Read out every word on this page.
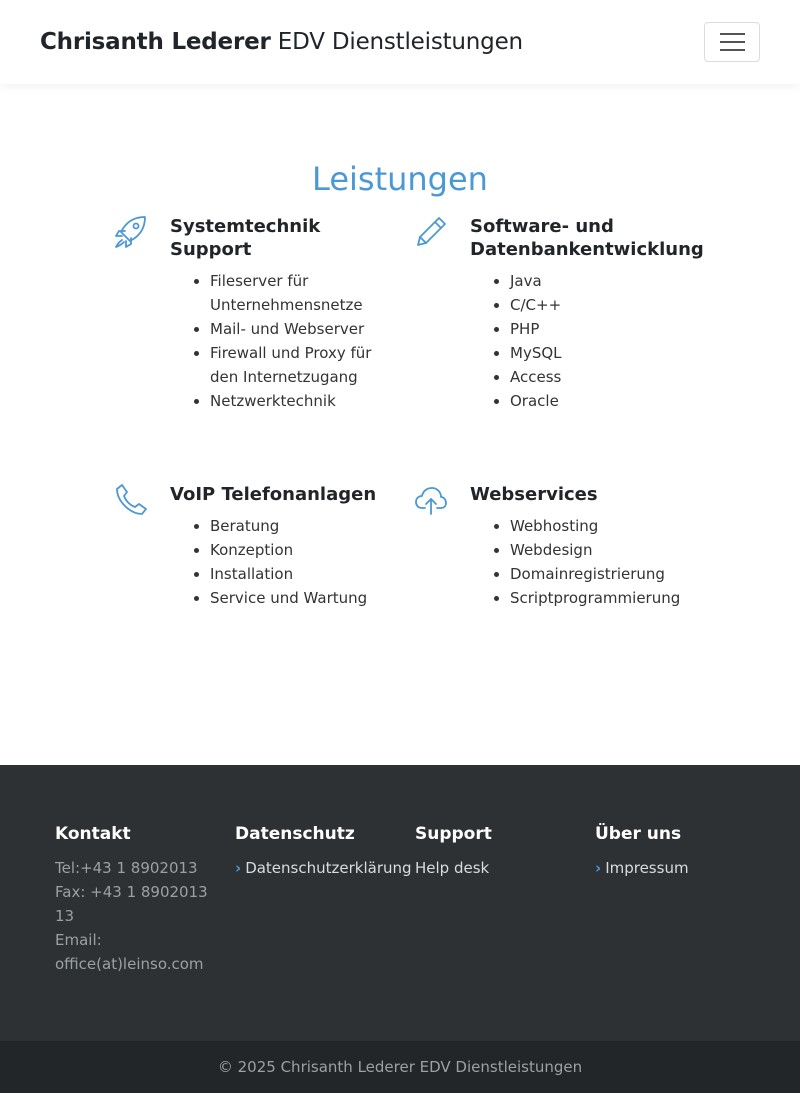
Chrisanth Lederer EDV Dienstleistungen
Leistungen
Systemtechnik
Support
• Fileserver für Unternehmensnetze
• Mail- und Webserver
• Firewall und Proxy für den Internetzugang
• Netzwerktechnik
Software- und
Datenbankentwicklung
• Java
• C/C++
• PHP
• MySQL
• Access
• Oracle
VoIP Telefonanlagen
• Beratung
• Konzeption
• Installation
• Service und Wartung
Webservices
• Webhosting
• Webdesign
• Domainregistrierung
• Scriptprogrammierung
Kontakt
Tel:+43 1 8902013
Fax: +43 1 8902013 13
Email:
office(at)leinso.com
Datenschutz
› Datenschutzerklärung
Support
Help desk
Über uns
› Impressum
© 2025 Chrisanth Lederer EDV Dienstleistungen
